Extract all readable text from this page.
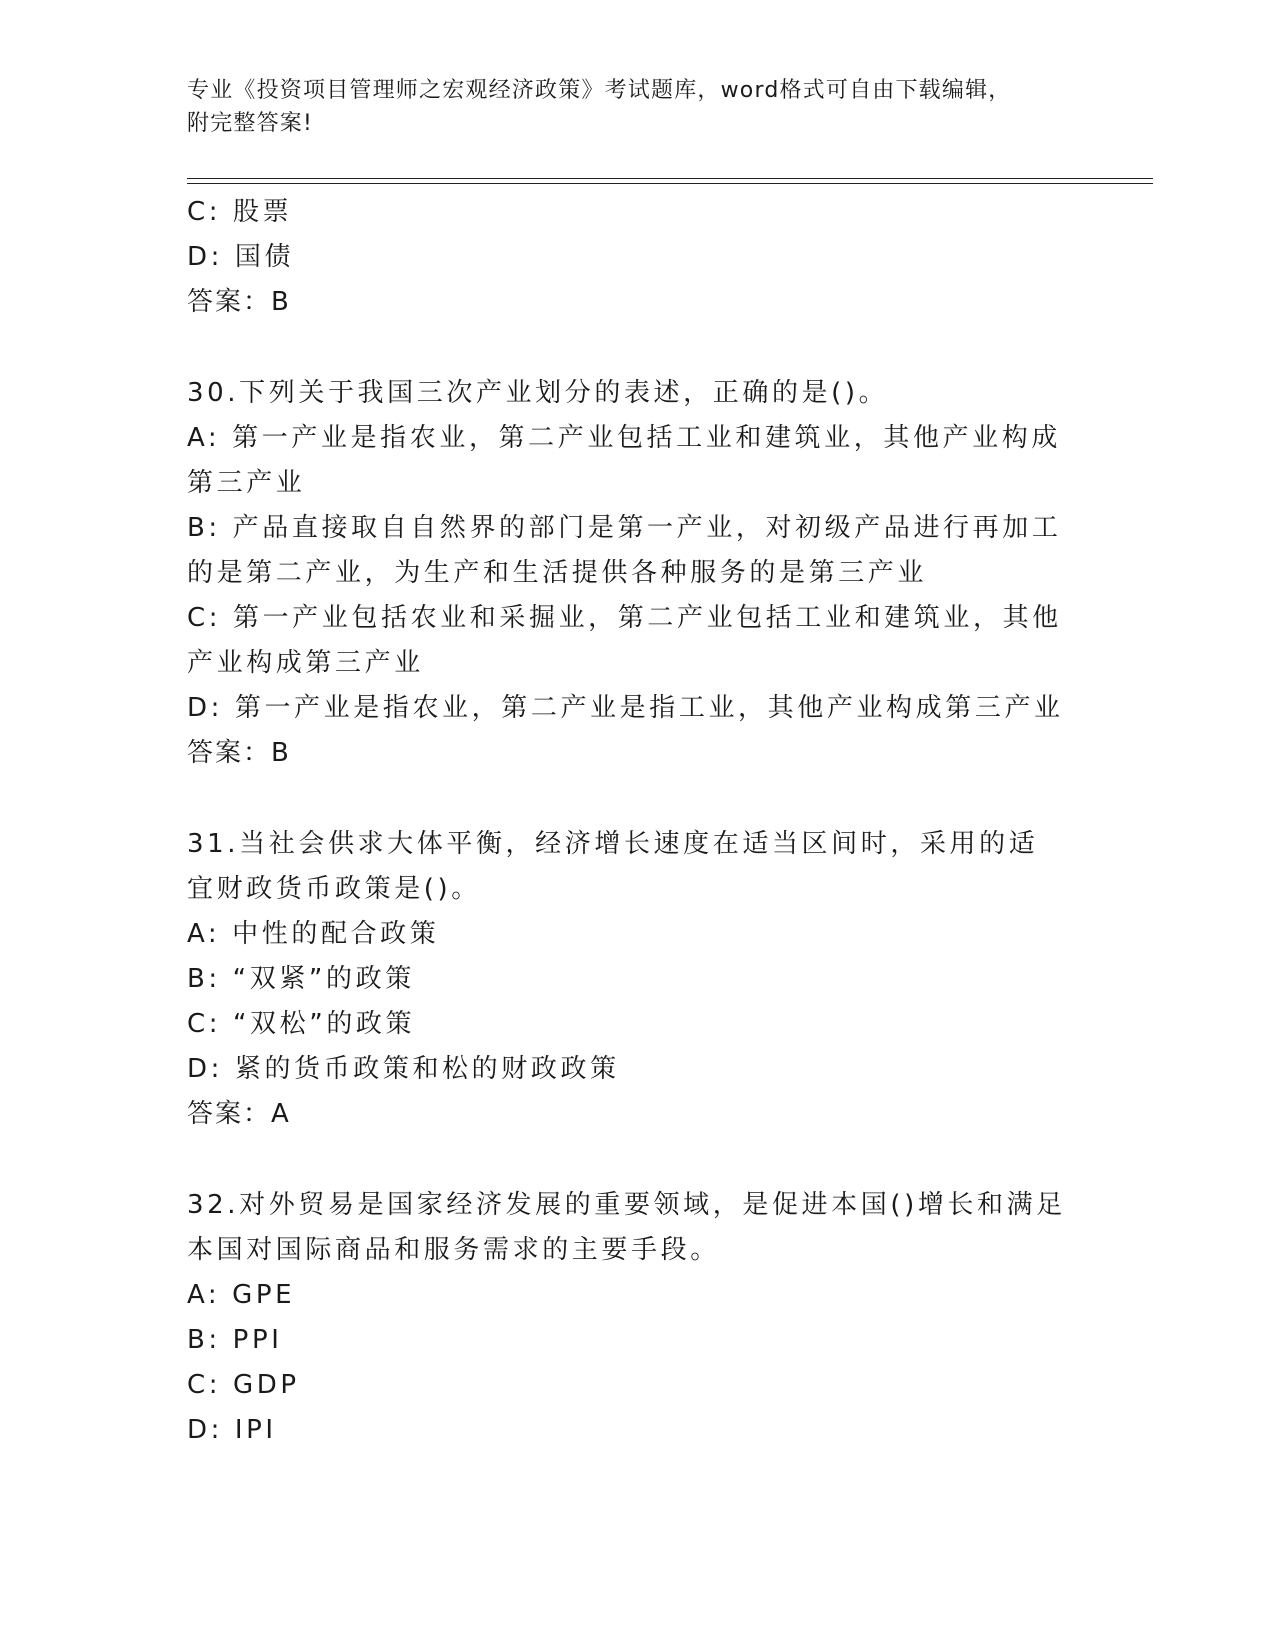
专业《投资项目管理师之宏观经济政策》考试题库，word格式可自由下载编辑，
附完整答案!
C: 股票
D: 国债
答案：B
30.下列关于我国三次产业划分的表述，正确的是()。
A: 第一产业是指农业，第二产业包括工业和建筑业，其他产业构成第三产业
B: 产品直接取自自然界的部门是第一产业，对初级产品进行再加工的是第二产业，为生产和生活提供各种服务的是第三产业
C: 第一产业包括农业和采掘业，第二产业包括工业和建筑业，其他产业构成第三产业
D: 第一产业是指农业，第二产业是指工业，其他产业构成第三产业
答案：B
31.当社会供求大体平衡，经济增长速度在适当区间时，采用的适宜财政货币政策是()。
A: 中性的配合政策
B: “双紧”的政策
C: “双松”的政策
D: 紧的货币政策和松的财政政策
答案：A
32.对外贸易是国家经济发展的重要领域，是促进本国()增长和满足本国对国际商品和服务需求的主要手段。
A: GPE
B: PPI
C: GDP
D: IPI
